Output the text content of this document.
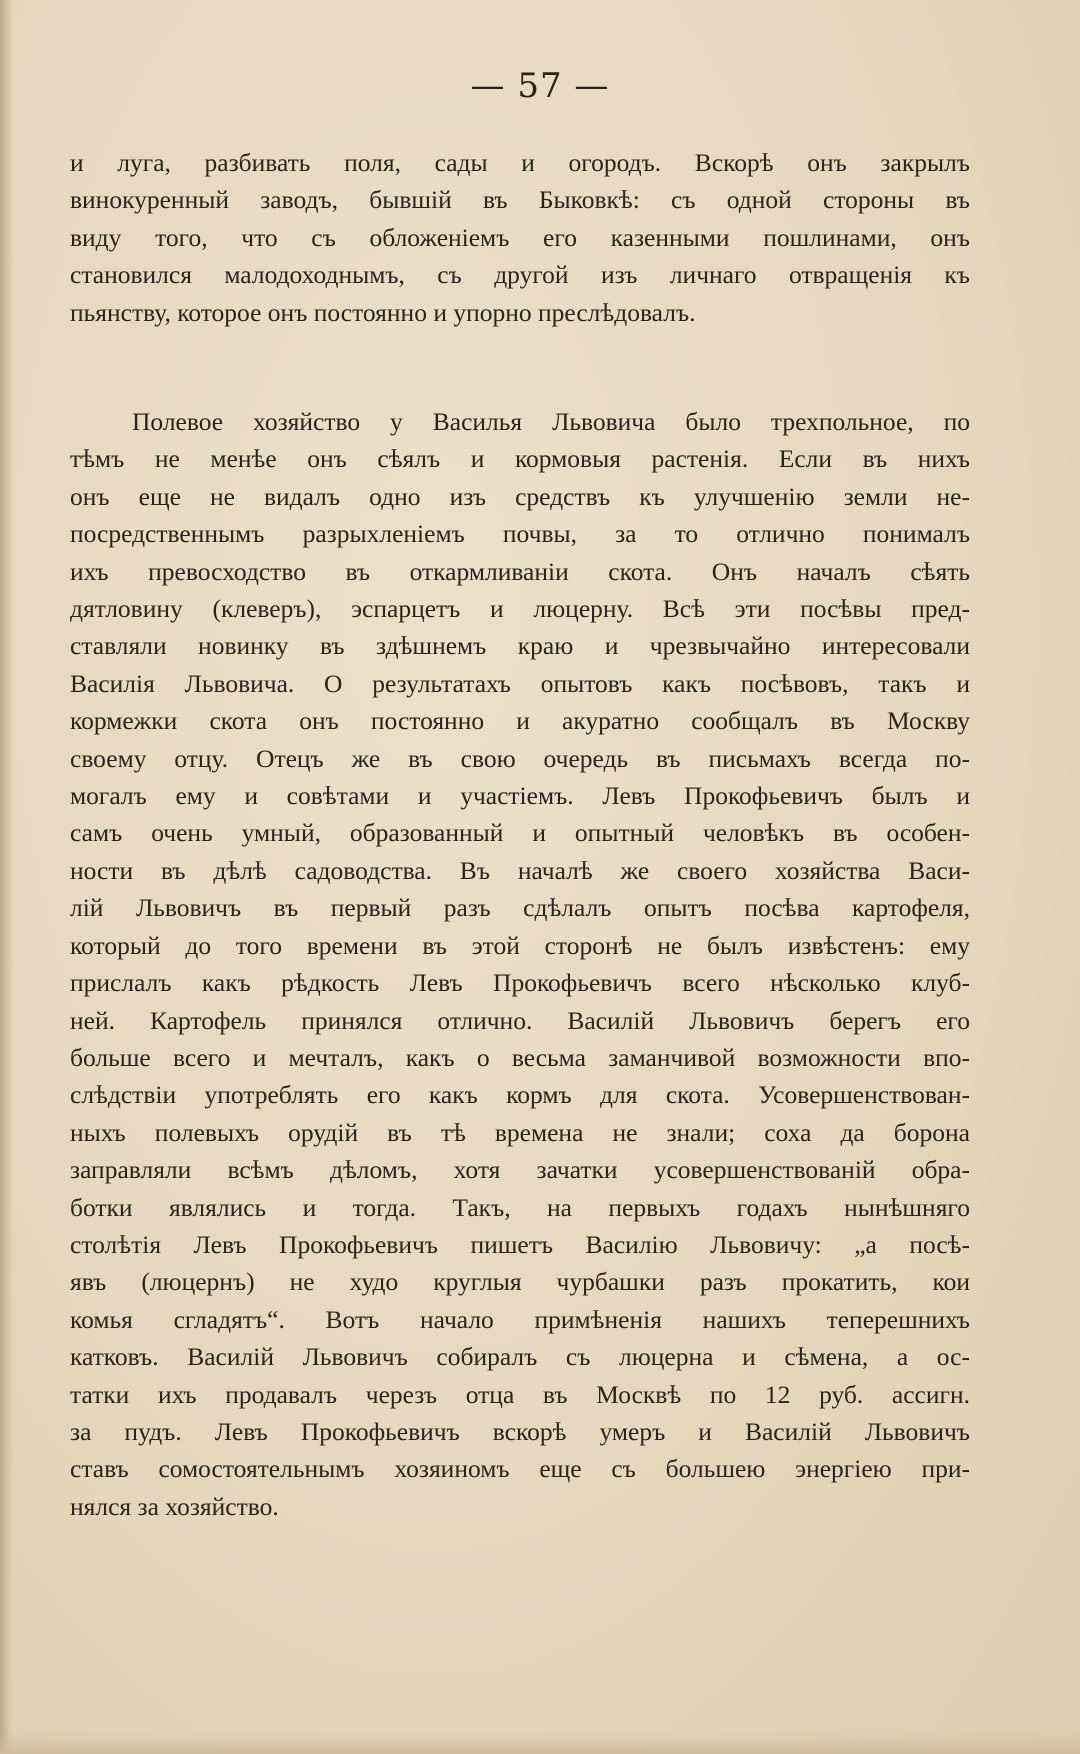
— 57 —
и луга, разбивать поля, сады и огородъ. Вскорѣ онъ закрылъ
винокуренный заводъ, бывшій въ Быковкѣ: съ одной стороны въ
виду того, что съ обложеніемъ его казенными пошлинами, онъ
становился малодоходнымъ, съ другой изъ личнаго отвращенія къ
пьянству, которое онъ постоянно и упорно преслѣдовалъ.
Полевое хозяйство у Василья Львовича было трехпольное, по
тѣмъ не менѣе онъ сѣялъ и кормовыя растенія. Если въ нихъ
онъ еще не видалъ одно изъ средствъ къ улучшенію земли не-
посредственнымъ разрыхленіемъ почвы, за то отлично понималъ
ихъ превосходство въ откармливаніи скота. Онъ началъ сѣять
дятловину (клеверъ), эспарцетъ и люцерну. Всѣ эти посѣвы пред-
ставляли новинку въ здѣшнемъ краю и чрезвычайно интересовали
Василія Львовича. О результатахъ опытовъ какъ посѣвовъ, такъ и
кормежки скота онъ постоянно и акуратно сообщалъ въ Москву
своему отцу. Отецъ же въ свою очередь въ письмахъ всегда по-
могалъ ему и совѣтами и участіемъ. Левъ Прокофьевичъ былъ и
самъ очень умный, образованный и опытный человѣкъ въ особен-
ности въ дѣлѣ садоводства. Въ началѣ же своего хозяйства Васи-
лій Львовичъ въ первый разъ сдѣлалъ опытъ посѣва картофеля,
который до того времени въ этой сторонѣ не былъ извѣстенъ: ему
прислалъ какъ рѣдкость Левъ Прокофьевичъ всего нѣсколько клуб-
ней. Картофель принялся отлично. Василій Львовичъ берегъ его
больше всего и мечталъ, какъ о весьма заманчивой возможности впо-
слѣдствіи употреблять его какъ кормъ для скота. Усовершенствован-
ныхъ полевыхъ орудій въ тѣ времена не знали; соха да борона
заправляли всѣмъ дѣломъ, хотя зачатки усовершенствованій обра-
ботки являлись и тогда. Такъ, на первыхъ годахъ нынѣшняго
столѣтія Левъ Прокофьевичъ пишетъ Василію Львовичу: „а посѣ-
явъ (люцернъ) не худо круглыя чурбашки разъ прокатить, кои
комья сгладятъ“. Вотъ начало примѣненія нашихъ теперешнихъ
катковъ. Василій Львовичъ собиралъ съ люцерна и сѣмена, а ос-
татки ихъ продавалъ черезъ отца въ Москвѣ по 12 руб. ассигн.
за пудъ. Левъ Прокофьевичъ вскорѣ умеръ и Василій Львовичъ
ставъ сомостоятельнымъ хозяиномъ еще съ большею энергіею при-
нялся за хозяйство.
